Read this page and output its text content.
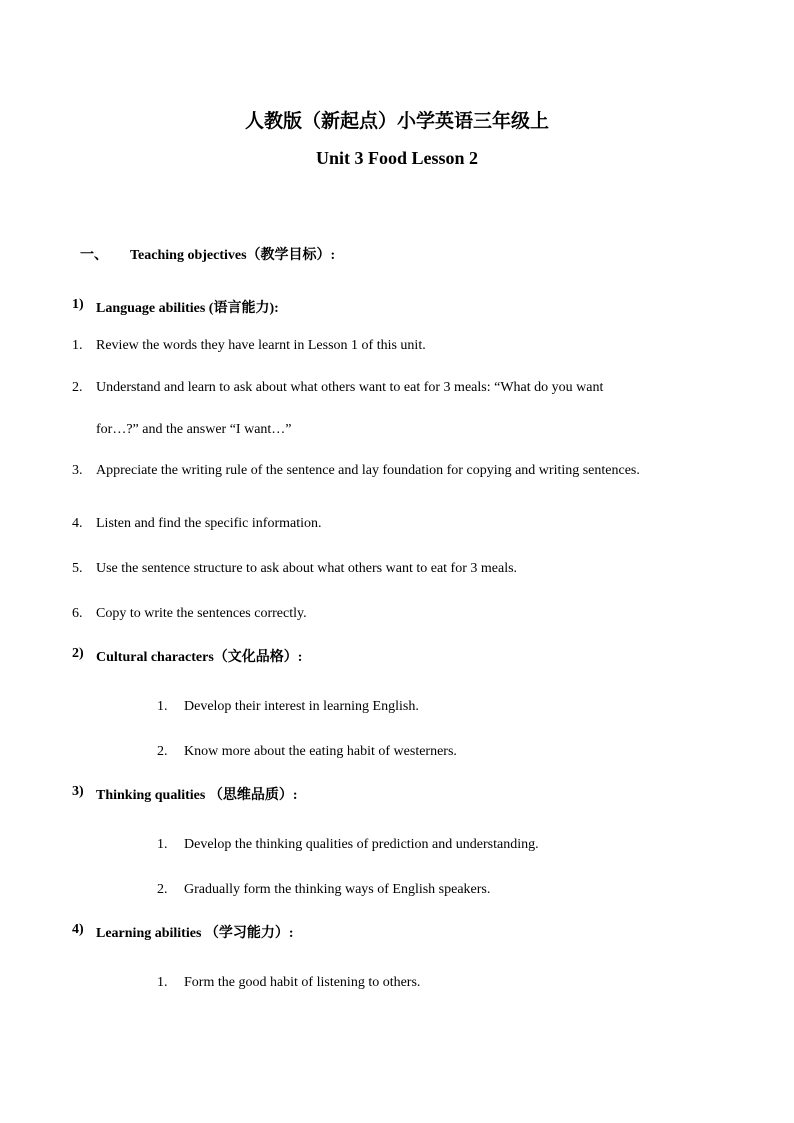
人教版（新起点）小学英语三年级上
Unit 3 Food Lesson 2
一、 Teaching objectives（教学目标）:
1) Language abilities (语言能力):
1. Review the words they have learnt in Lesson 1 of this unit.
2. Understand and learn to ask about what others want to eat for 3 meals: “What do you want
for…?” and the answer “I want…”
3. Appreciate the writing rule of the sentence and lay foundation for copying and writing sentences.
4. Listen and find the specific information.
5. Use the sentence structure to ask about what others want to eat for 3 meals.
6. Copy to write the sentences correctly.
2) Cultural characters（文化品格）:
1. Develop their interest in learning English.
2. Know more about the eating habit of westerners.
3) Thinking qualities （思维品质）:
1. Develop the thinking qualities of prediction and understanding.
2. Gradually form the thinking ways of English speakers.
4) Learning abilities （学习能力）:
1. Form the good habit of listening to others.
